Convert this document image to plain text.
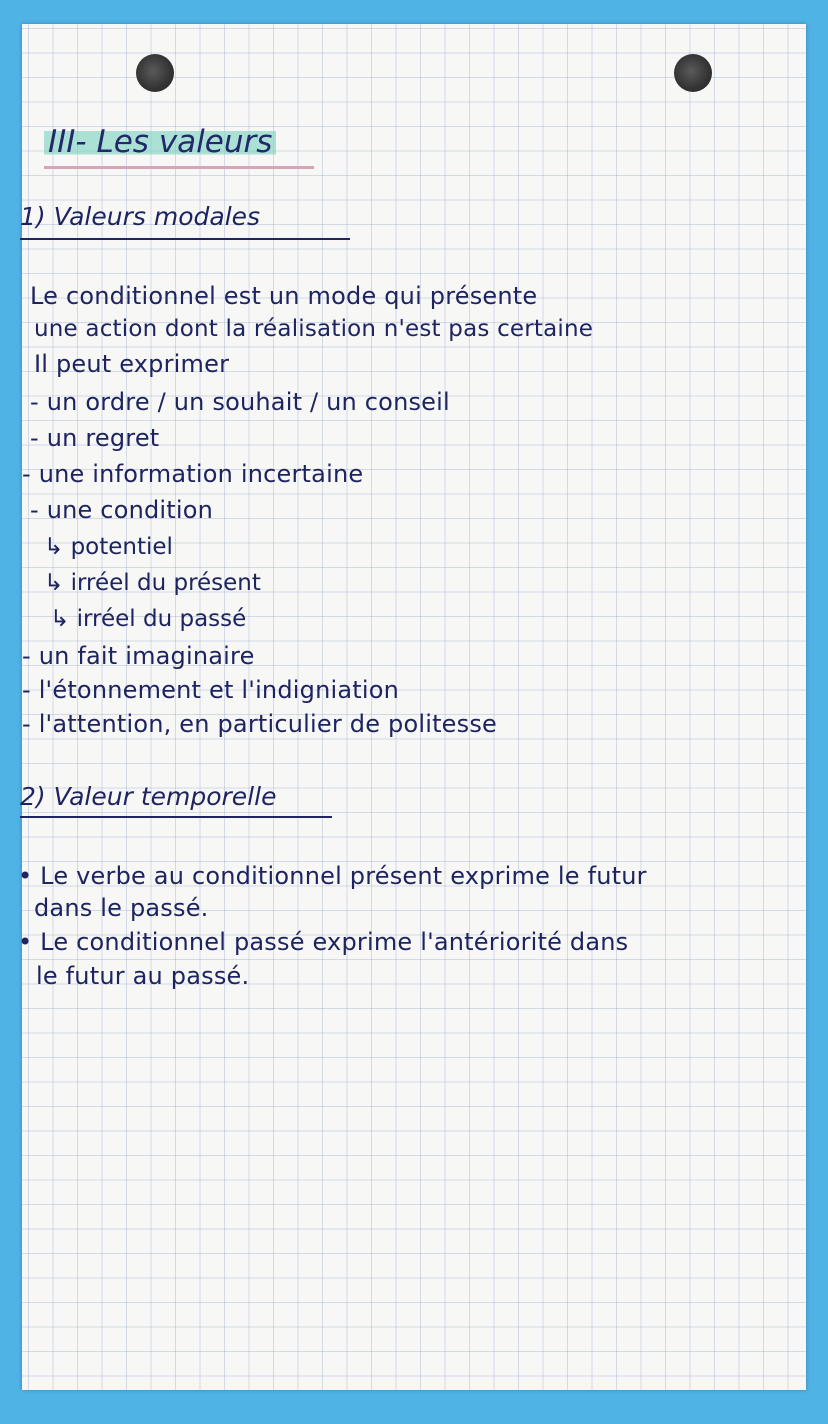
III- Les valeurs
1) Valeurs modales

Le conditionnel est un mode qui présente

une action dont la réalisation n'est pas certaine

Il peut exprimer

- un ordre / un souhait / un conseil

- un regret

- une information incertaine

- une condition

↳ potentiel

↳ irréel du présent

↳ irréel du passé

- un fait imaginaire

- l'étonnement et l'indigniation

- l'attention, en particulier de politesse

2) Valeur temporelle

• Le verbe au conditionnel présent exprime le futur

dans le passé.

• Le conditionnel passé exprime l'antériorité dans

le futur au passé.
